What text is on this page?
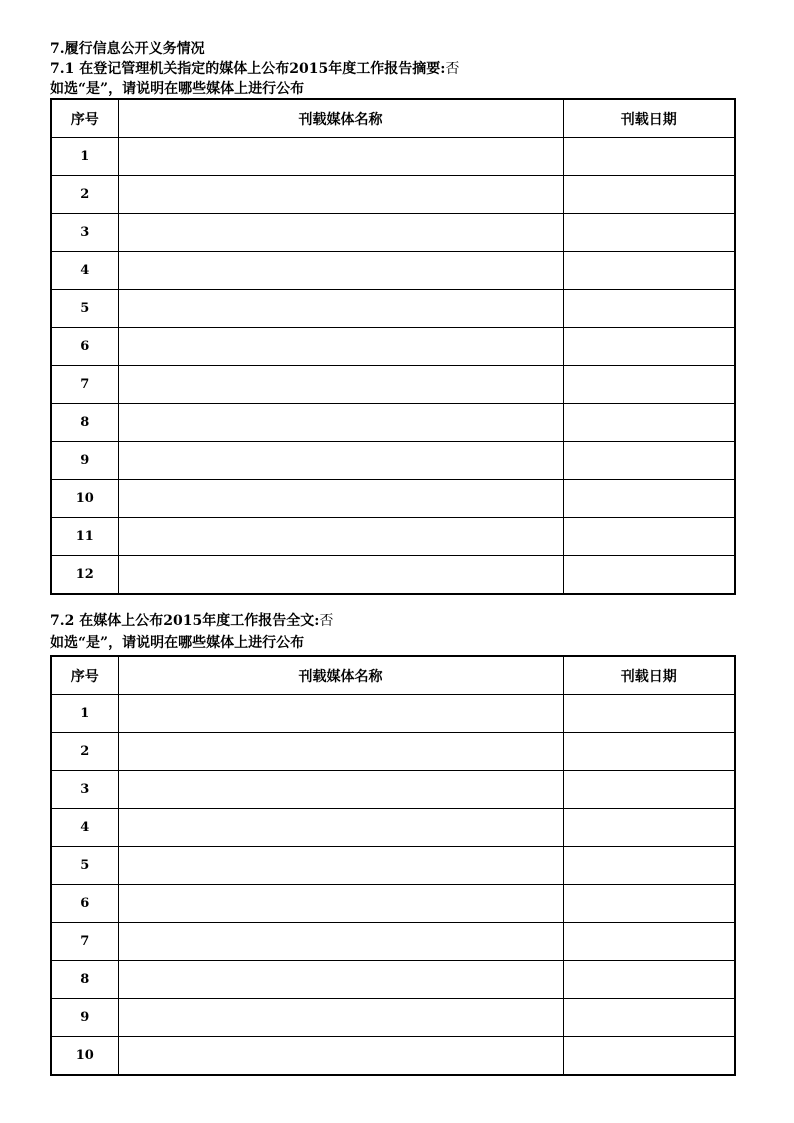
7.履行信息公开义务情况
7.1 在登记管理机关指定的媒体上公布2015年度工作报告摘要:否
如选“是”，请说明在哪些媒体上进行公布
序号	刊载媒体名称	刊载日期
1		
2		
3		
4		
5		
6		
7		
8		
9		
10		
11		
12		
7.2 在媒体上公布2015年度工作报告全文:否
如选“是”，请说明在哪些媒体上进行公布
序号	刊载媒体名称	刊载日期
1		
2		
3		
4		
5		
6		
7		
8		
9		
10		
